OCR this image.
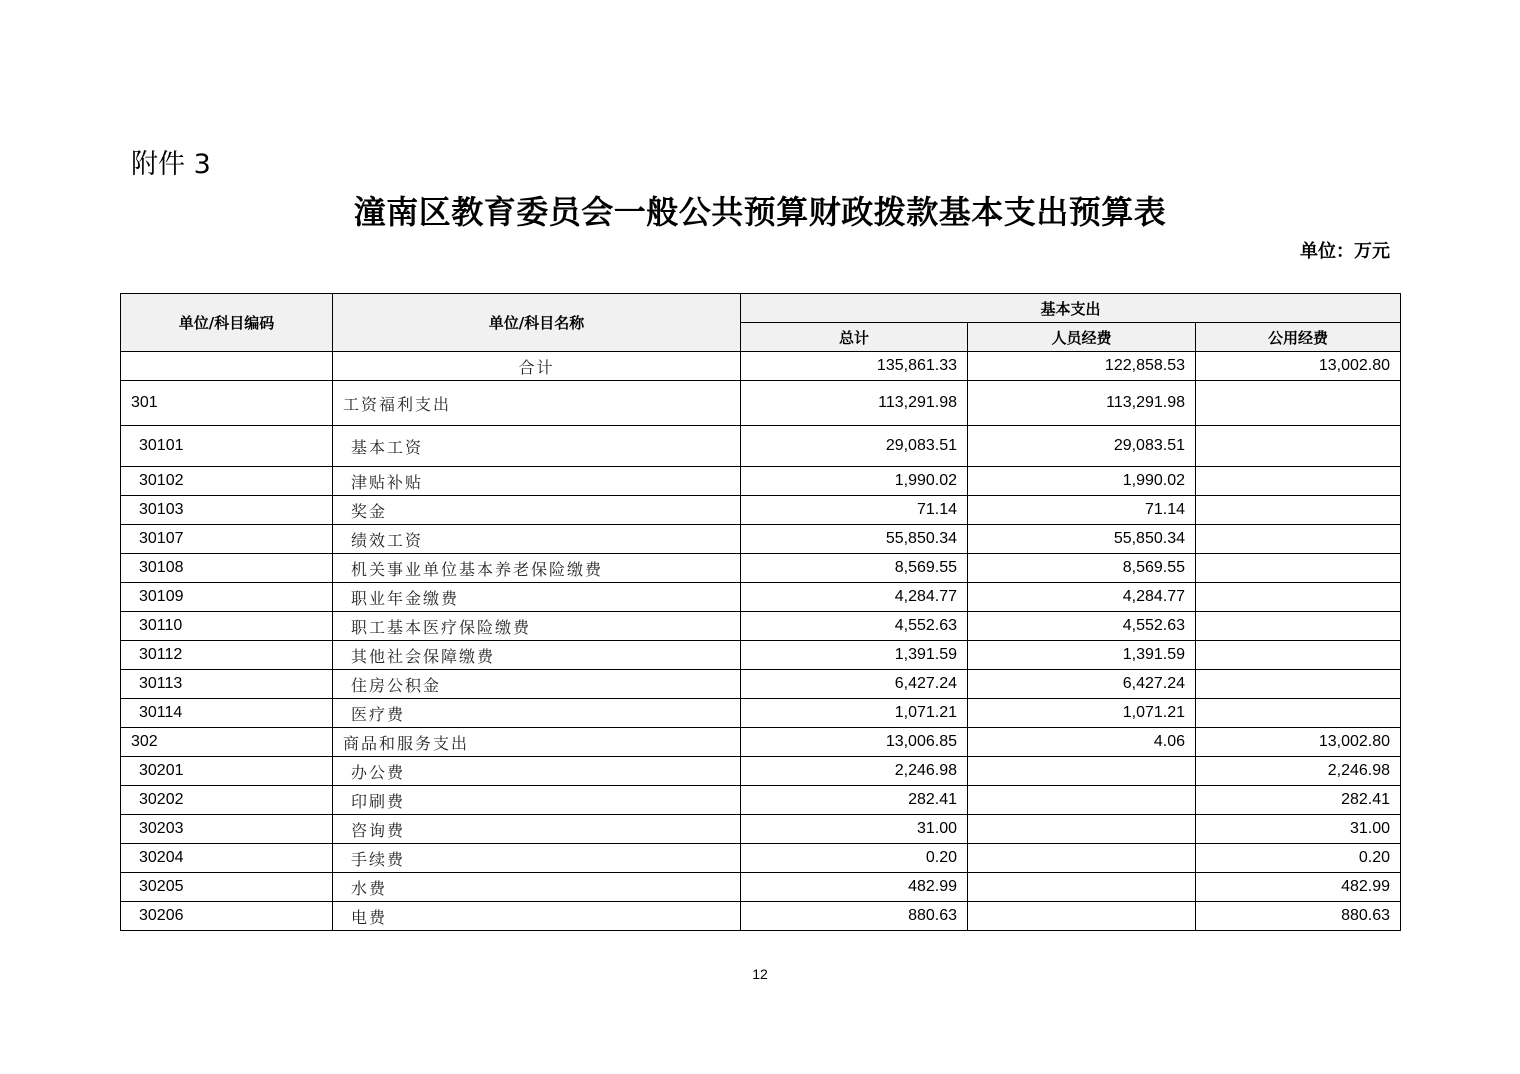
附件 3
潼南区教育委员会一般公共预算财政拨款基本支出预算表
单位：万元
单位/科目编码	单位/科目名称	基本支出		
		总计	人员经费	公用经费
	合计	135,861.33	122,858.53	13,002.80
301	工资福利支出	113,291.98	113,291.98	
30101	基本工资	29,083.51	29,083.51	
30102	津贴补贴	1,990.02	1,990.02	
30103	奖金	71.14	71.14	
30107	绩效工资	55,850.34	55,850.34	
30108	机关事业单位基本养老保险缴费	8,569.55	8,569.55	
30109	职业年金缴费	4,284.77	4,284.77	
30110	职工基本医疗保险缴费	4,552.63	4,552.63	
30112	其他社会保障缴费	1,391.59	1,391.59	
30113	住房公积金	6,427.24	6,427.24	
30114	医疗费	1,071.21	1,071.21	
302	商品和服务支出	13,006.85	4.06	13,002.80
30201	办公费	2,246.98		2,246.98
30202	印刷费	282.41		282.41
30203	咨询费	31.00		31.00
30204	手续费	0.20		0.20
30205	水费	482.99		482.99
30206	电费	880.63		880.63
12
